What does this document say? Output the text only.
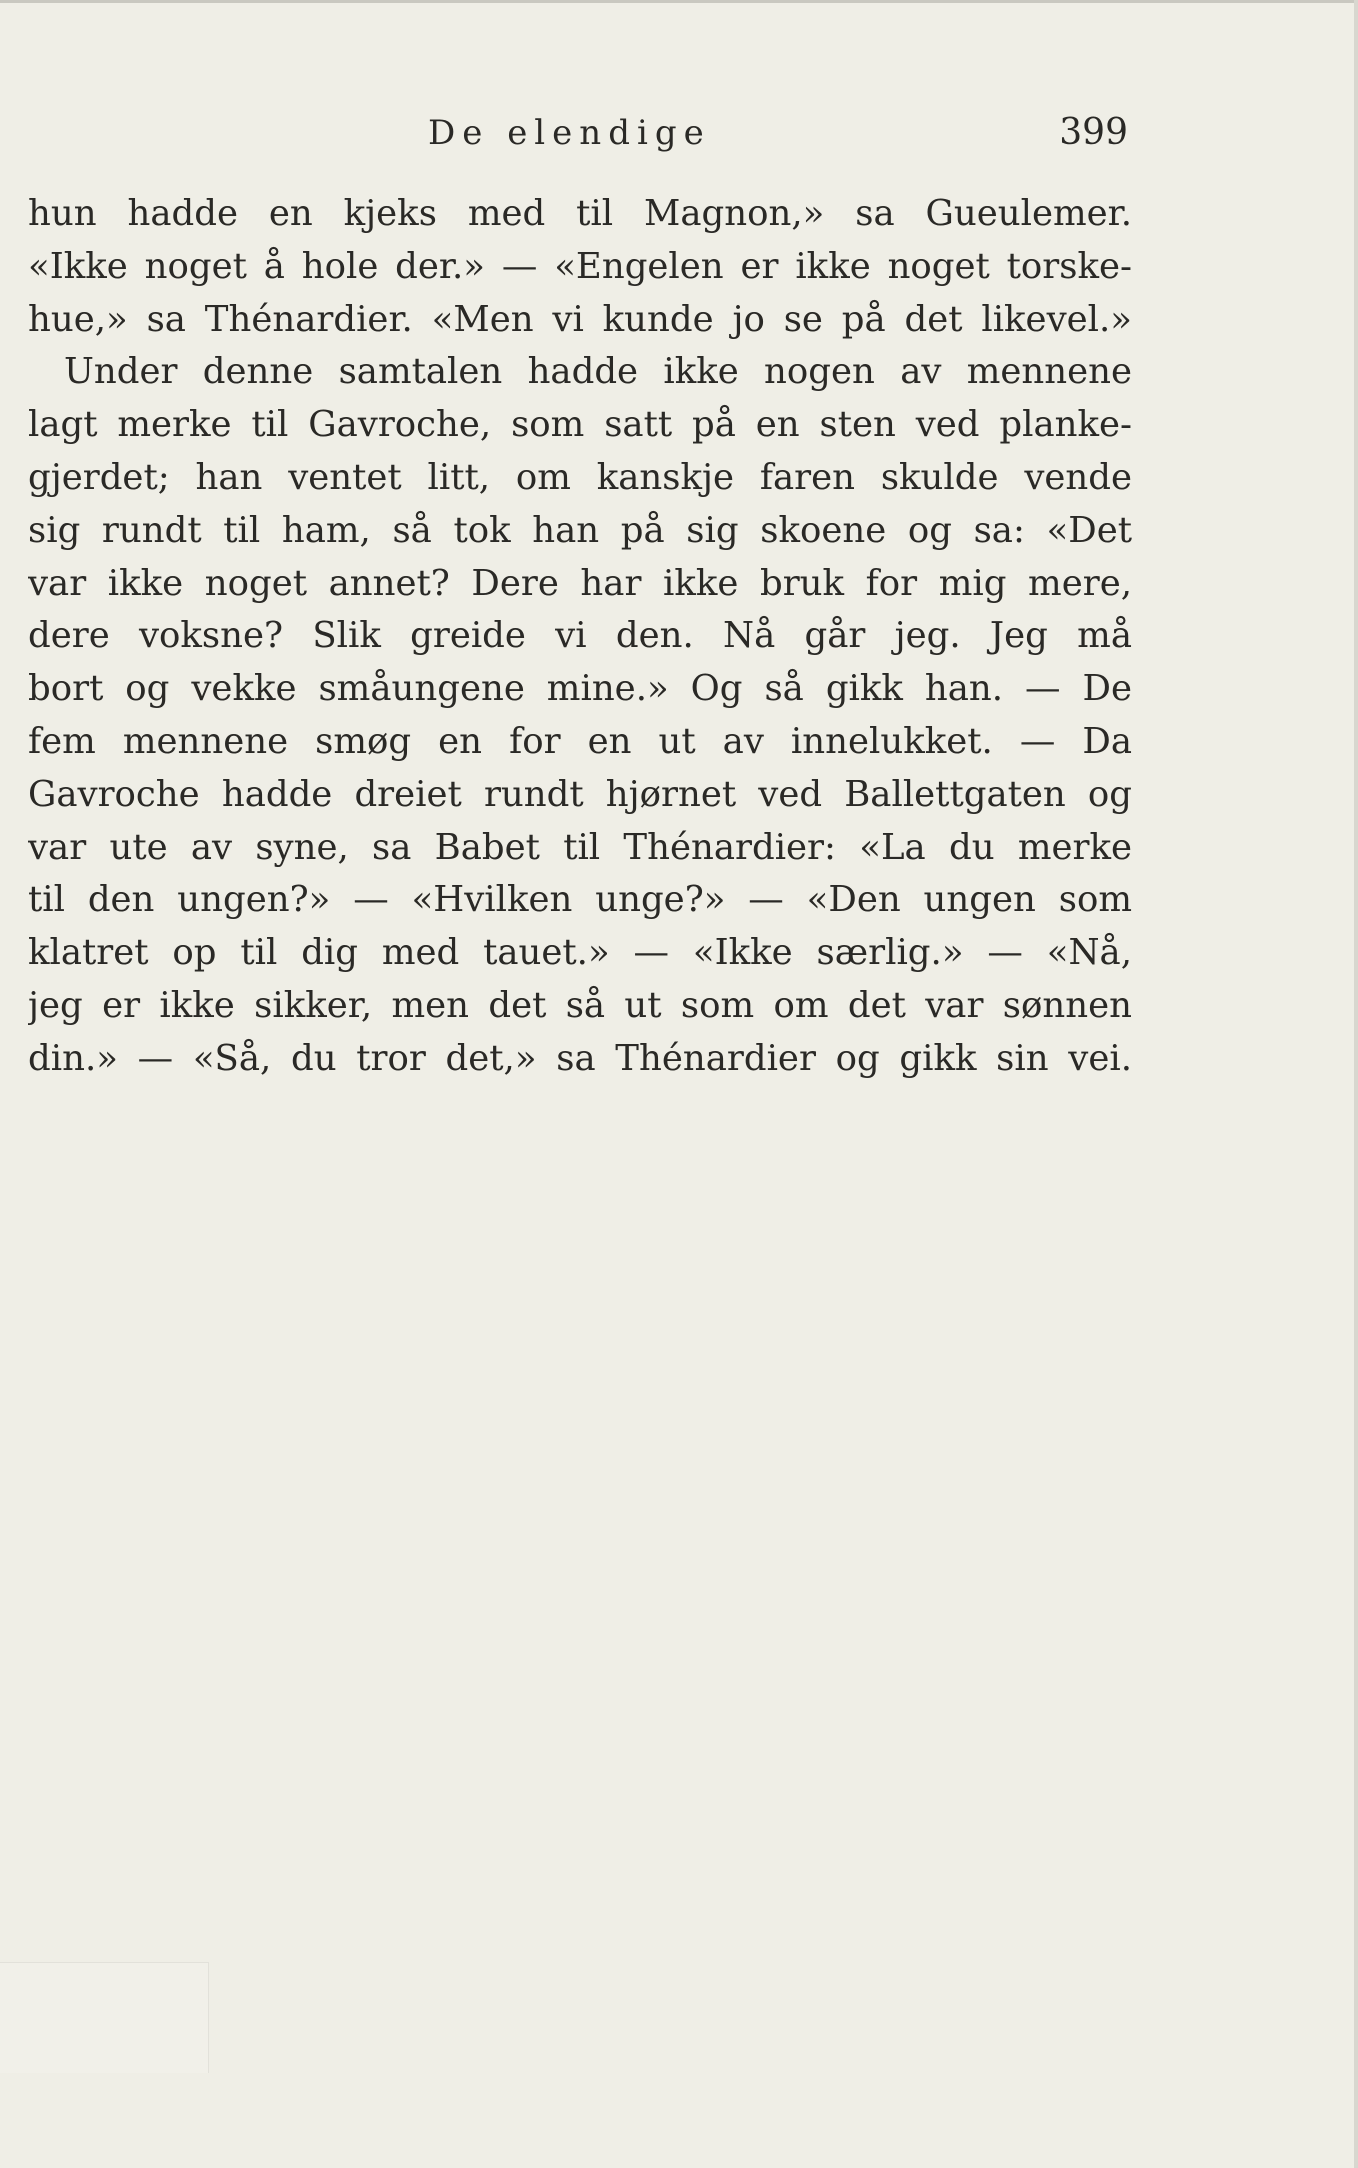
De elendige	399
hun hadde en kjeks med til Magnon,» sa Gueulemer.
«Ikke noget å hole der.» — «Engelen er ikke noget torske-
hue,» sa Thénardier. «Men vi kunde jo se på det likevel.»
Under denne samtalen hadde ikke nogen av mennene
lagt merke til Gavroche, som satt på en sten ved planke-
gjerdet; han ventet litt, om kanskje faren skulde vende
sig rundt til ham, så tok han på sig skoene og sa: «Det
var ikke noget annet? Dere har ikke bruk for mig mere,
dere voksne? Slik greide vi den. Nå går jeg. Jeg må
bort og vekke småungene mine.» Og så gikk han. — De
fem mennene smøg en for en ut av innelukket. — Da
Gavroche hadde dreiet rundt hjørnet ved Ballettgaten og
var ute av syne, sa Babet til Thénardier: «La du merke
til den ungen?» — «Hvilken unge?» — «Den ungen som
klatret op til dig med tauet.» — «Ikke særlig.» — «Nå,
jeg er ikke sikker, men det så ut som om det var sønnen
din.» — «Så, du tror det,» sa Thénardier og gikk sin vei.
